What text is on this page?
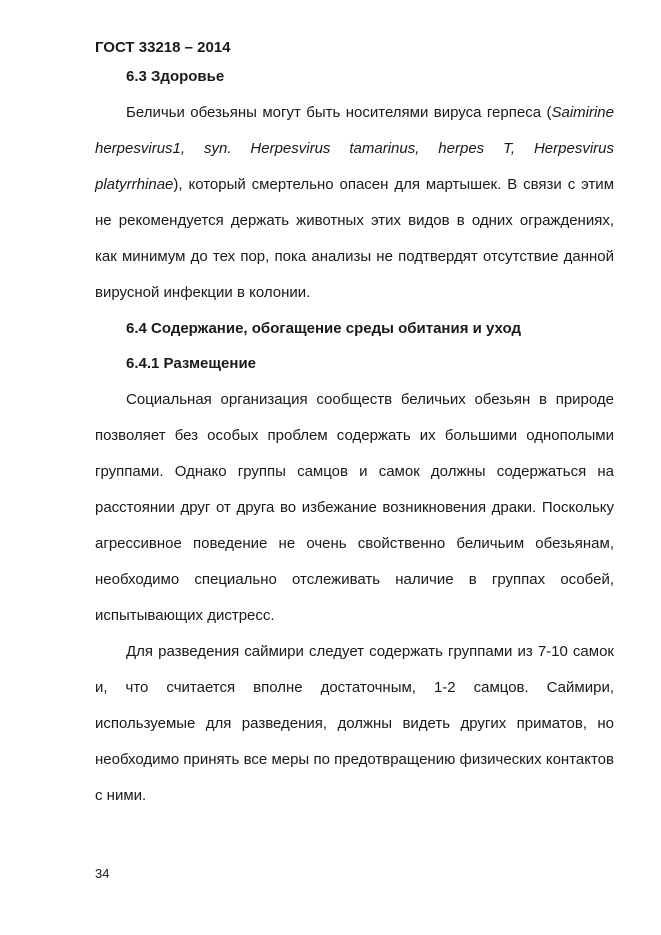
ГОСТ 33218 – 2014

6.3 Здоровье

Беличьи обезьяны могут быть носителями вируса герпеса (Saimirine herpesvirus1, syn. Herpesvirus tamarinus, herpes T, Herpesvirus platyrrhinae), который смертельно опасен для мартышек. В связи с этим не рекомендуется держать животных этих видов в одних ограждениях, как минимум до тех пор, пока анализы не подтвердят отсутствие данной вирусной инфекции в колонии.

6.4 Содержание, обогащение среды обитания и уход

6.4.1 Размещение

Социальная организация сообществ беличьих обезьян в природе позволяет без особых проблем содержать их большими однополыми группами. Однако группы самцов и самок должны содержаться на расстоянии друг от друга во избежание возникновения драки. Поскольку агрессивное поведение не очень свойственно беличьим обезьянам, необходимо специально отслеживать наличие в группах особей, испытывающих дистресс.

Для разведения саймири следует содержать группами из 7-10 самок и, что считается вполне достаточным, 1-2 самцов. Саймири, используемые для разведения, должны видеть других приматов, но необходимо принять все меры по предотвращению физических контактов с ними.

34
